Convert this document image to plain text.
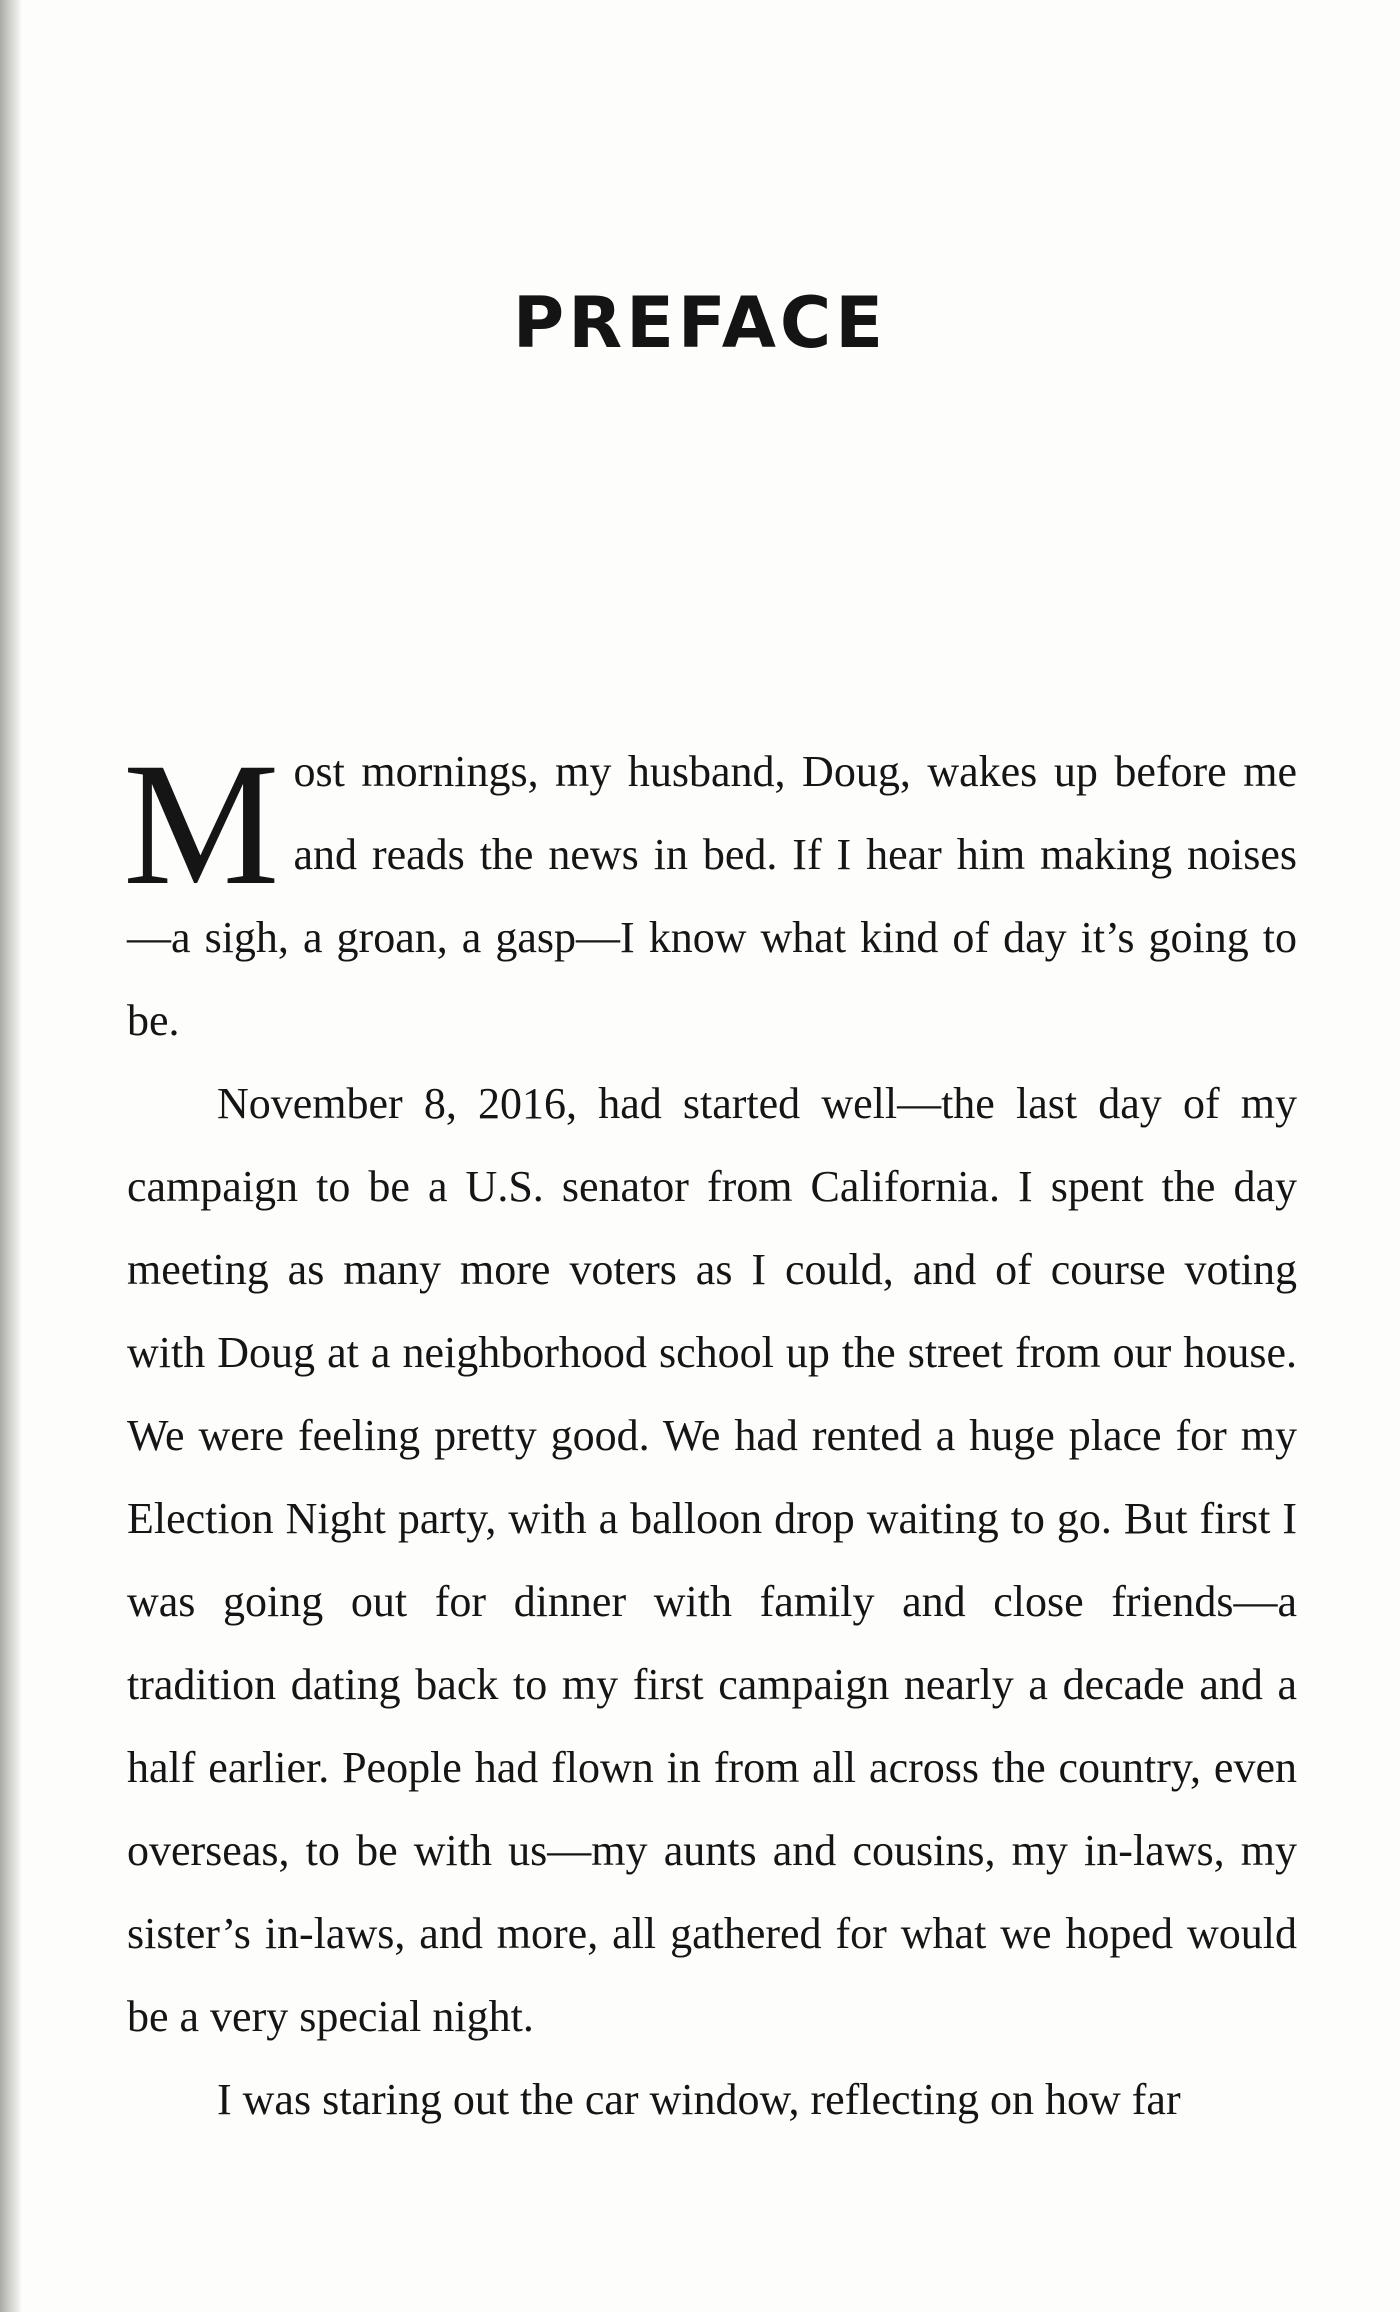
PREFACE

Most mornings, my husband, Doug, wakes up before me and reads the news in bed. If I hear him making noises—a sigh, a groan, a gasp—I know what kind of day it’s going to be.

November 8, 2016, had started well—the last day of my campaign to be a U.S. senator from California. I spent the day meeting as many more voters as I could, and of course voting with Doug at a neighborhood school up the street from our house. We were feeling pretty good. We had rented a huge place for my Election Night party, with a balloon drop waiting to go. But first I was going out for dinner with family and close friends—a tradition dating back to my first campaign nearly a decade and a half earlier. People had flown in from all across the country, even overseas, to be with us—my aunts and cousins, my in-laws, my sister’s in-laws, and more, all gathered for what we hoped would be a very special night.

I was staring out the car window, reflecting on how far
